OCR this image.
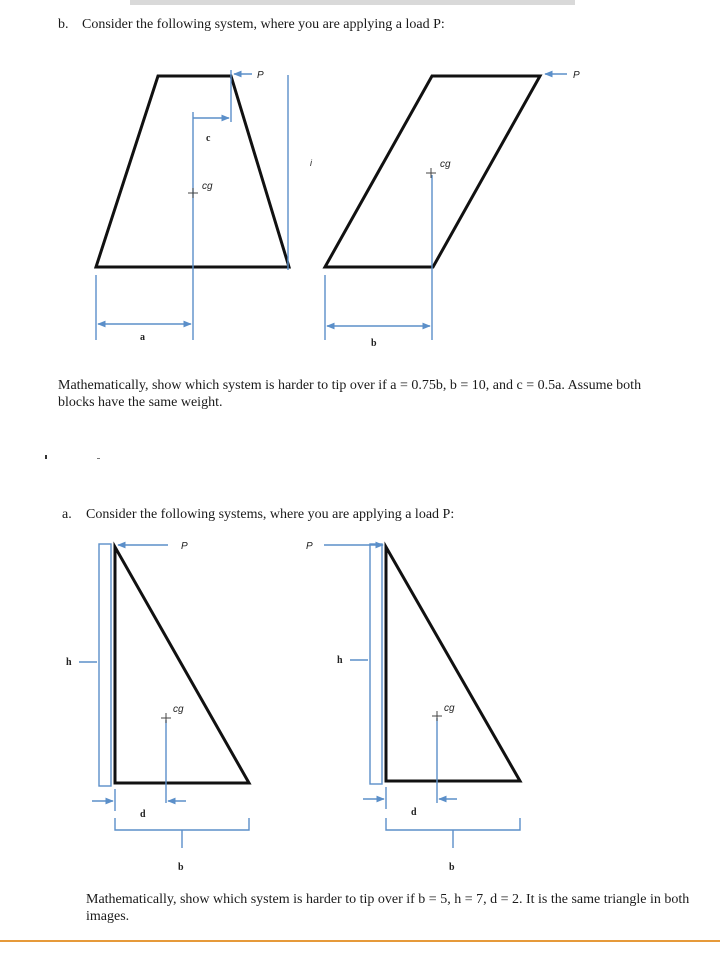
b. Consider the following system, where you are applying a load P:
P
c
cg
a
i
P
cg
b
P
h
cg
d
b
P
h
cg
d
b
Mathematically, show which system is harder to tip over if a = 0.75b, b = 10, and c = 0.5a. Assume both blocks have the same weight.
a. Consider the following systems, where you are applying a load P:
Mathematically, show which system is harder to tip over if b = 5, h = 7, d = 2. It is the same triangle in both images.
